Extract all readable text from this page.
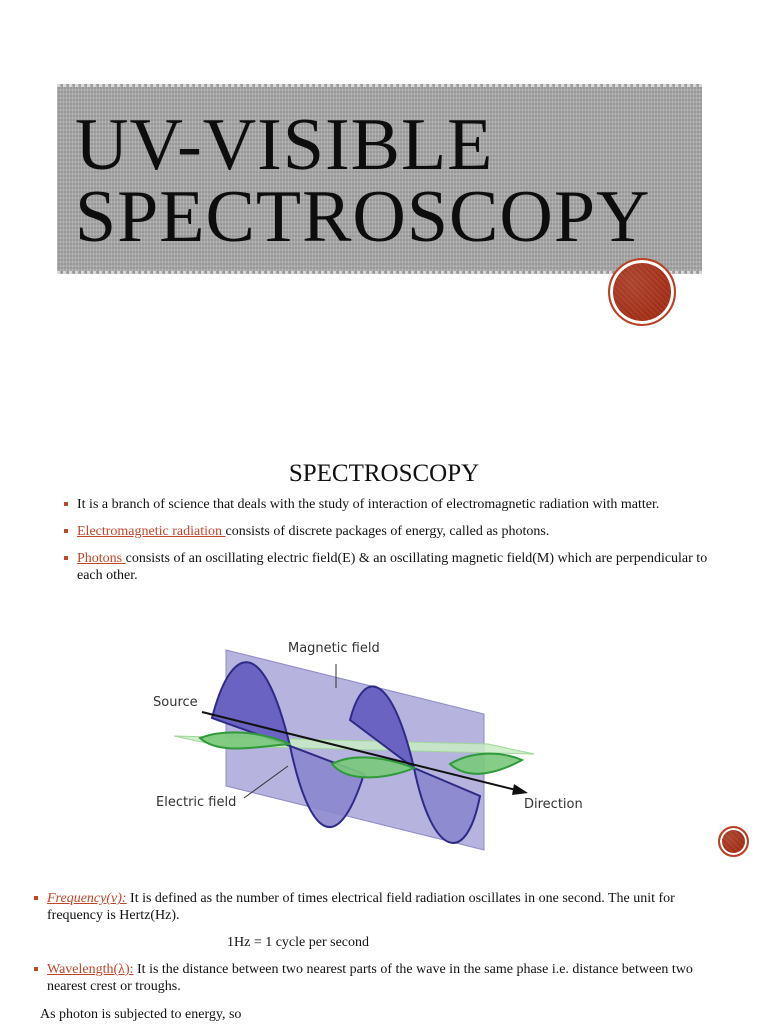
UV-VISIBLE
SPECTROSCOPY
SPECTROSCOPY
It is a branch of science that deals with the study of interaction of electromagnetic radiation with matter.
Electromagnetic radiation consists of discrete packages of energy, called as photons.
Photons consists of an oscillating electric field(E) & an oscillating magnetic field(M) which are perpendicular to each other.
Magnetic field
Source
Electric field	Direction
Frequency(ν): It is defined as the number of times electrical field radiation oscillates in one second. The unit for frequency is Hertz(Hz).
1Hz = 1 cycle per second
Wavelength(λ): It is the distance between two nearest parts of the wave in the same phase i.e. distance between two nearest crest or troughs.

As photon is subjected to energy, so
